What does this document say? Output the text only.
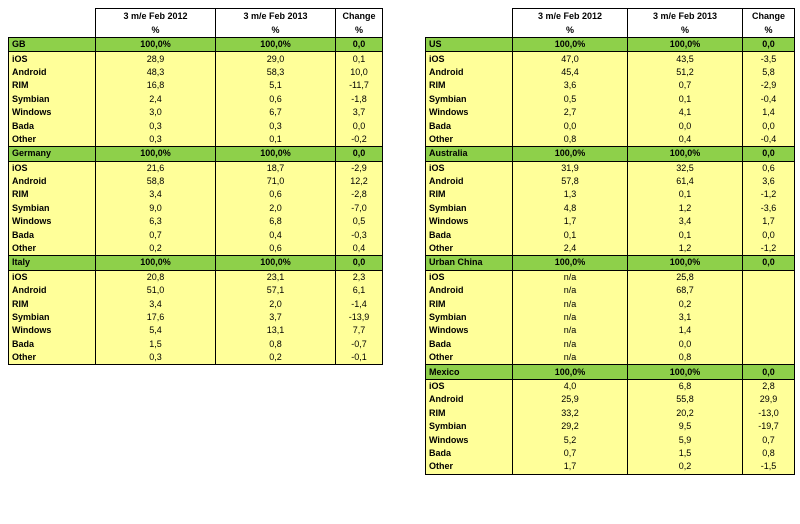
	3 m/e Feb 2012	3 m/e Feb 2013	Change
	%	%	%
GB	100,0%	100,0%	0,0
iOS	28,9	29,0	0,1
Android	48,3	58,3	10,0
RIM	16,8	5,1	-11,7
Symbian	2,4	0,6	-1,8
Windows	3,0	6,7	3,7
Bada	0,3	0,3	0,0
Other	0,3	0,1	-0,2
Germany	100,0%	100,0%	0,0
iOS	21,6	18,7	-2,9
Android	58,8	71,0	12,2
RIM	3,4	0,6	-2,8
Symbian	9,0	2,0	-7,0
Windows	6,3	6,8	0,5
Bada	0,7	0,4	-0,3
Other	0,2	0,6	0,4
Italy	100,0%	100,0%	0,0
iOS	20,8	23,1	2,3
Android	51,0	57,1	6,1
RIM	3,4	2,0	-1,4
Symbian	17,6	3,7	-13,9
Windows	5,4	13,1	7,7
Bada	1,5	0,8	-0,7
Other	0,3	0,2	-0,1
	3 m/e Feb 2012	3 m/e Feb 2013	Change
	%	%	%
US	100,0%	100,0%	0,0
iOS	47,0	43,5	-3,5
Android	45,4	51,2	5,8
RIM	3,6	0,7	-2,9
Symbian	0,5	0,1	-0,4
Windows	2,7	4,1	1,4
Bada	0,0	0,0	0,0
Other	0,8	0,4	-0,4
Australia	100,0%	100,0%	0,0
iOS	31,9	32,5	0,6
Android	57,8	61,4	3,6
RIM	1,3	0,1	-1,2
Symbian	4,8	1,2	-3,6
Windows	1,7	3,4	1,7
Bada	0,1	0,1	0,0
Other	2,4	1,2	-1,2
Urban China	100,0%	100,0%	0,0
iOS	n/a	25,8	
Android	n/a	68,7	
RIM	n/a	0,2	
Symbian	n/a	3,1	
Windows	n/a	1,4	
Bada	n/a	0,0	
Other	n/a	0,8	
Mexico	100,0%	100,0%	0,0
iOS	4,0	6,8	2,8
Android	25,9	55,8	29,9
RIM	33,2	20,2	-13,0
Symbian	29,2	9,5	-19,7
Windows	5,2	5,9	0,7
Bada	0,7	1,5	0,8
Other	1,7	0,2	-1,5
